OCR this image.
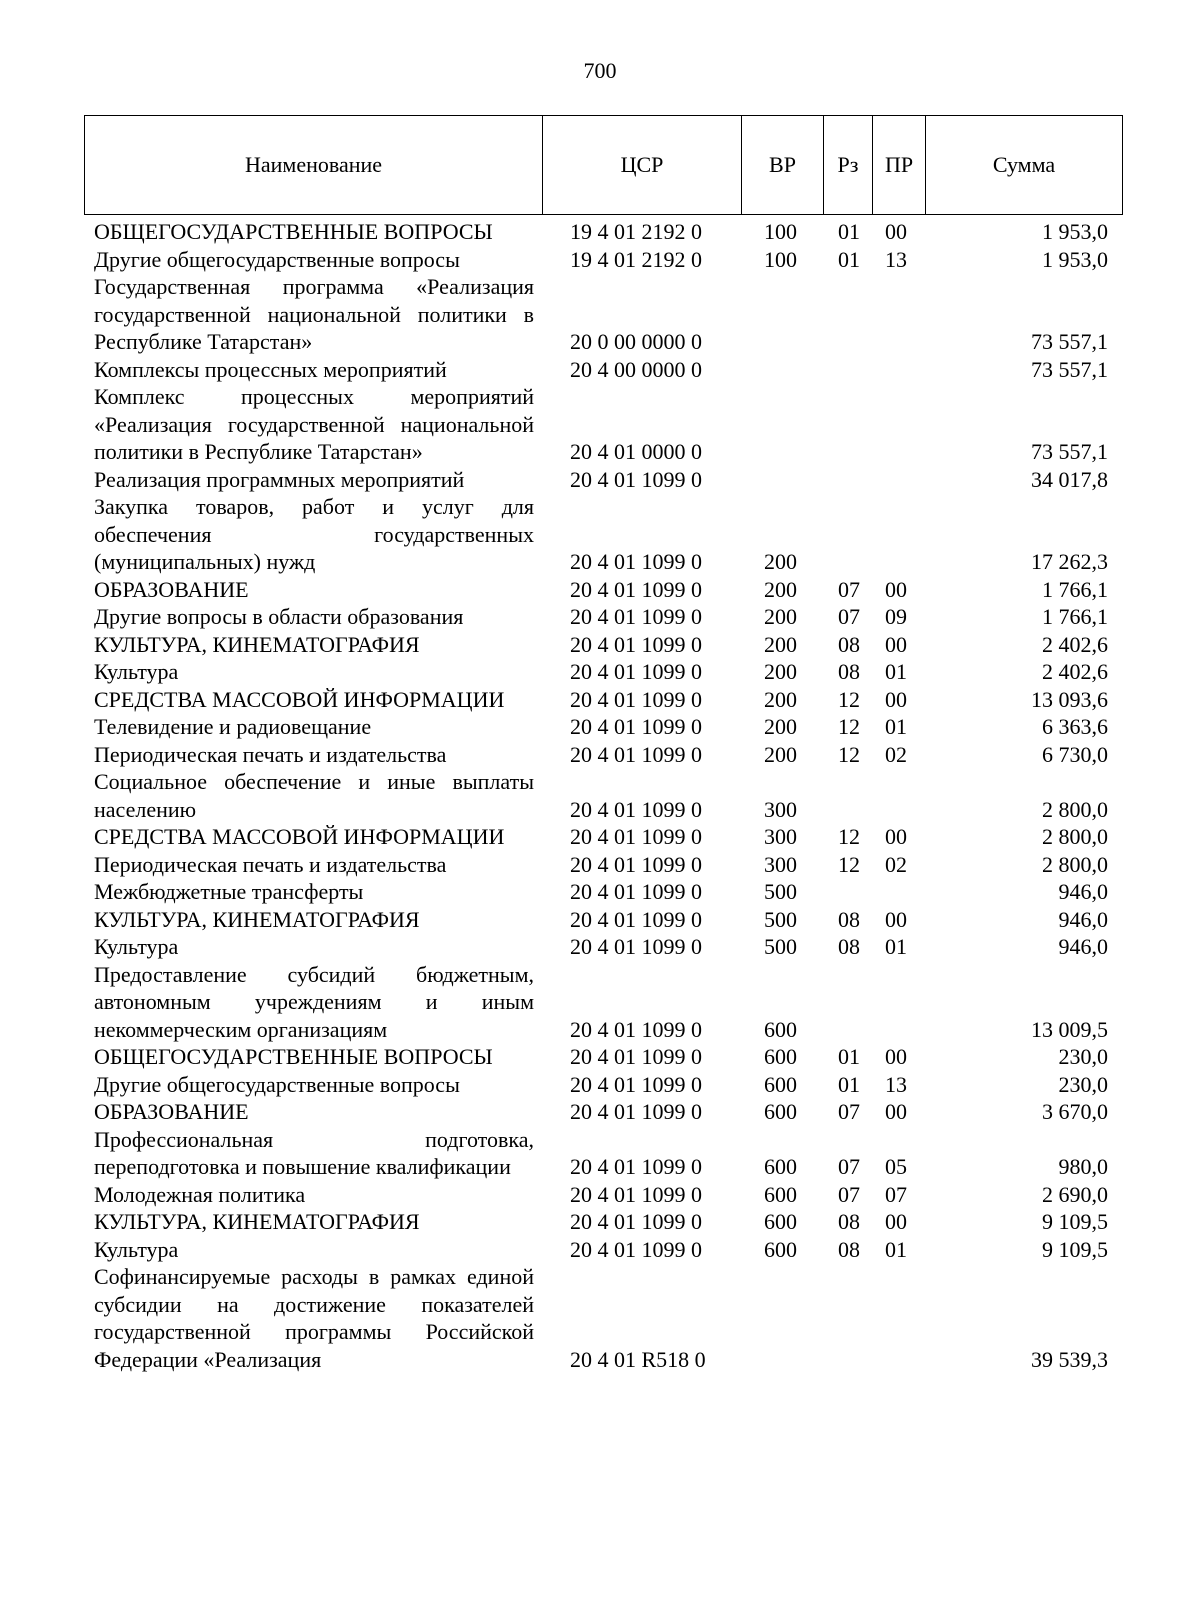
700
Наименование	ЦСР	ВР	Рз	ПР	Сумма
ОБЩЕГОСУДАРСТВЕННЫЕ ВОПРОСЫ	19 4 01 2192 0	100	01	00	1 953,0
Другие общегосударственные вопросы	19 4 01 2192 0	100	01	13	1 953,0
Государственная программа «Реализация государственной национальной политики в Республике Татарстан»	20 0 00 0000 0				73 557,1
Комплексы процессных мероприятий	20 4 00 0000 0				73 557,1
Комплекс процессных мероприятий «Реализация государственной национальной политики в Республике Татарстан»	20 4 01 0000 0				73 557,1
Реализация программных мероприятий	20 4 01 1099 0				34 017,8
Закупка товаров, работ и услуг для обеспечения государственных (муниципальных) нужд	20 4 01 1099 0	200			17 262,3
ОБРАЗОВАНИЕ	20 4 01 1099 0	200	07	00	1 766,1
Другие вопросы в области образования	20 4 01 1099 0	200	07	09	1 766,1
КУЛЬТУРА, КИНЕМАТОГРАФИЯ	20 4 01 1099 0	200	08	00	2 402,6
Культура	20 4 01 1099 0	200	08	01	2 402,6
СРЕДСТВА МАССОВОЙ ИНФОРМАЦИИ	20 4 01 1099 0	200	12	00	13 093,6
Телевидение и радиовещание	20 4 01 1099 0	200	12	01	6 363,6
Периодическая печать и издательства	20 4 01 1099 0	200	12	02	6 730,0
Социальное обеспечение и иные выплаты населению	20 4 01 1099 0	300			2 800,0
СРЕДСТВА МАССОВОЙ ИНФОРМАЦИИ	20 4 01 1099 0	300	12	00	2 800,0
Периодическая печать и издательства	20 4 01 1099 0	300	12	02	2 800,0
Межбюджетные трансферты	20 4 01 1099 0	500			946,0
КУЛЬТУРА, КИНЕМАТОГРАФИЯ	20 4 01 1099 0	500	08	00	946,0
Культура	20 4 01 1099 0	500	08	01	946,0
Предоставление субсидий бюджетным, автономным учреждениям и иным некоммерческим организациям	20 4 01 1099 0	600			13 009,5
ОБЩЕГОСУДАРСТВЕННЫЕ ВОПРОСЫ	20 4 01 1099 0	600	01	00	230,0
Другие общегосударственные вопросы	20 4 01 1099 0	600	01	13	230,0
ОБРАЗОВАНИЕ	20 4 01 1099 0	600	07	00	3 670,0
Профессиональная подготовка, переподготовка и повышение квалификации	20 4 01 1099 0	600	07	05	980,0
Молодежная политика	20 4 01 1099 0	600	07	07	2 690,0
КУЛЬТУРА, КИНЕМАТОГРАФИЯ	20 4 01 1099 0	600	08	00	9 109,5
Культура	20 4 01 1099 0	600	08	01	9 109,5
Софинансируемые расходы в рамках единой субсидии на достижение показателей государственной программы Российской Федерации «Реализация	20 4 01 R518 0				39 539,3
